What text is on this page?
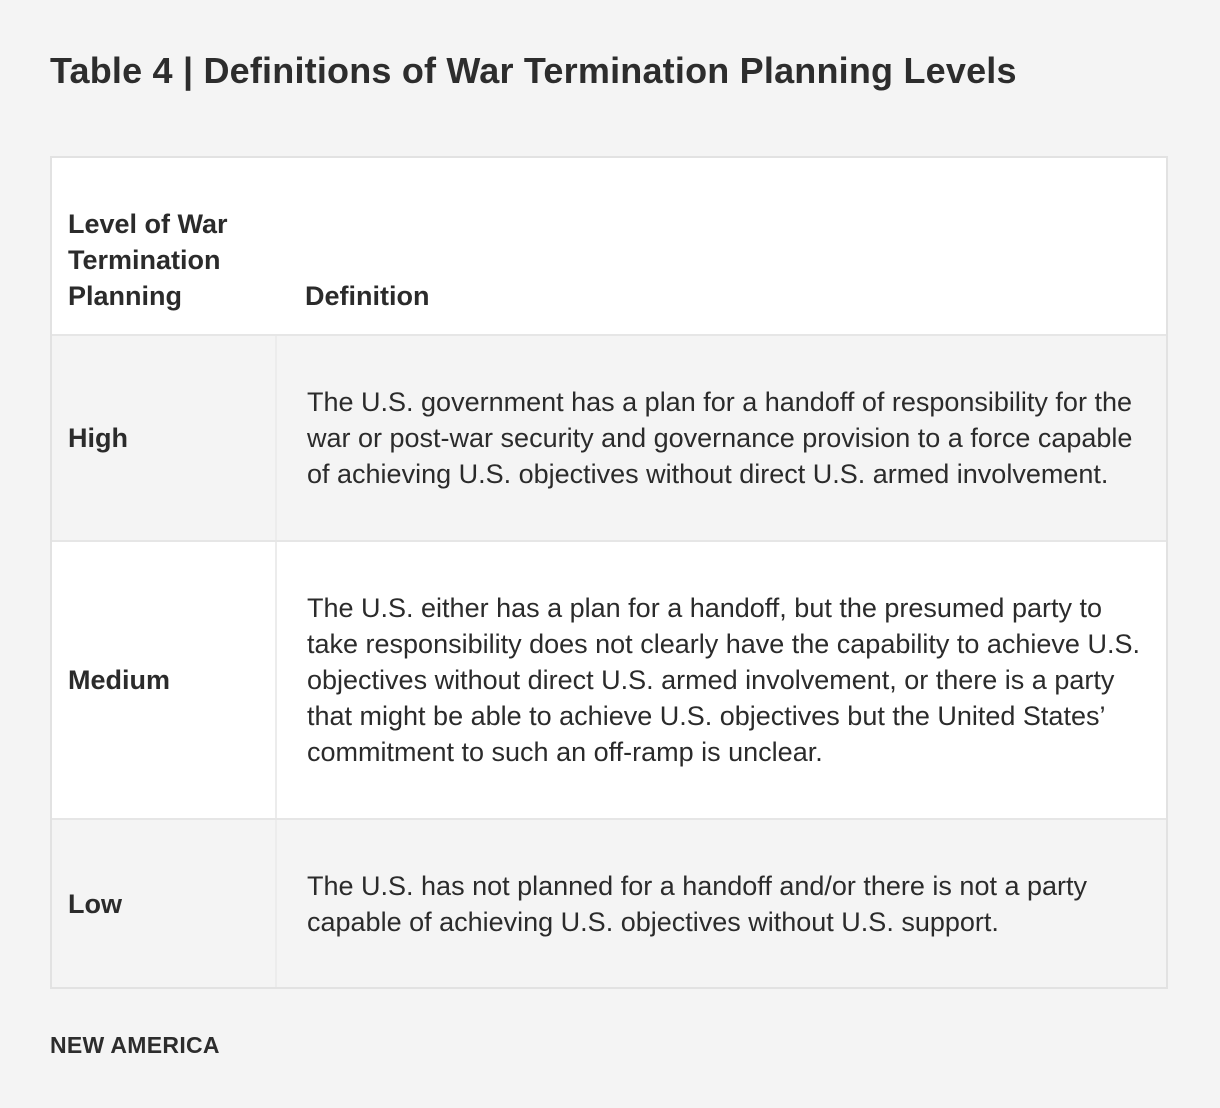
Table 4 | Definitions of War Termination Planning Levels
Level of War Termination Planning	Definition
High	The U.S. government has a plan for a handoff of responsibility for the war or post-war security and governance provision to a force capable of achieving U.S. objectives without direct U.S. armed involvement.
Medium	The U.S. either has a plan for a handoff, but the presumed party to take responsibility does not clearly have the capability to achieve U.S. objectives without direct U.S. armed involvement, or there is a party that might be able to achieve U.S. objectives but the United States’ commitment to such an off-ramp is unclear.
Low	The U.S. has not planned for a handoff and/or there is not a party capable of achieving U.S. objectives without U.S. support.
NEW AMERICA
